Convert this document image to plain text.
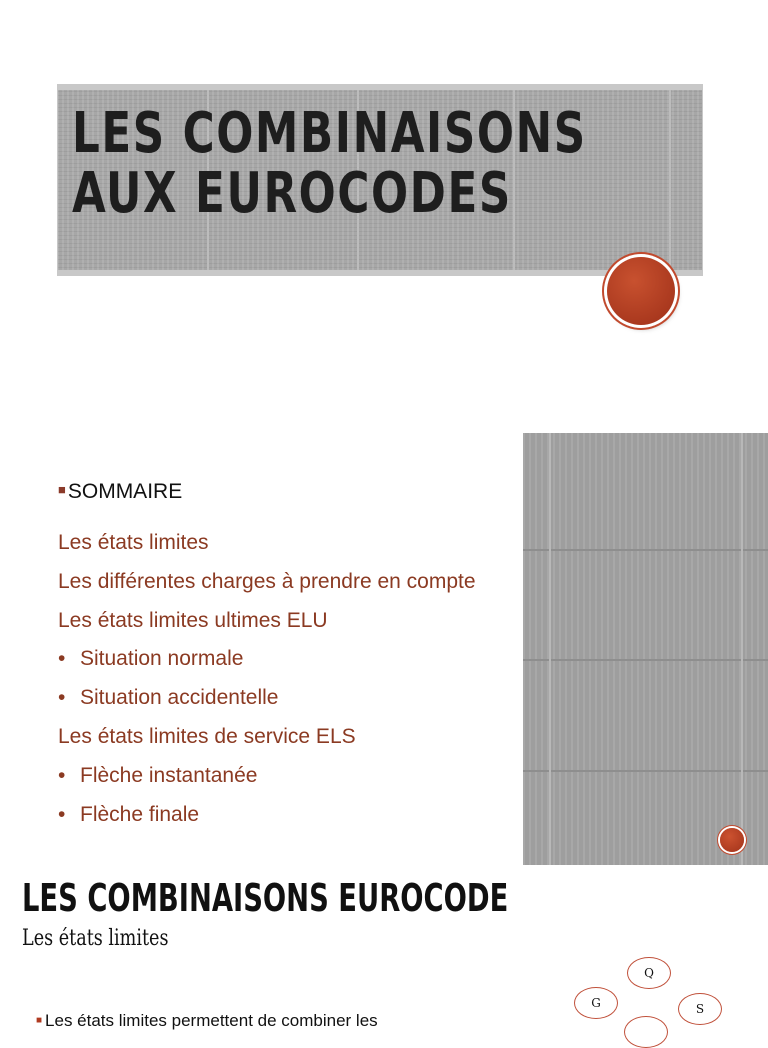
LES COMBINAISONS AUX EUROCODES
■SOMMAIRE
Les états limites
Les différentes charges à prendre en compte
Les états limites ultimes ELU
• Situation normale
• Situation accidentelle
Les états limites de service ELS
• Flèche instantanée
• Flèche finale
LES COMBINAISONS EUROCODE
Les états limites
■ Les états limites permettent de combiner les
Q
G	S
